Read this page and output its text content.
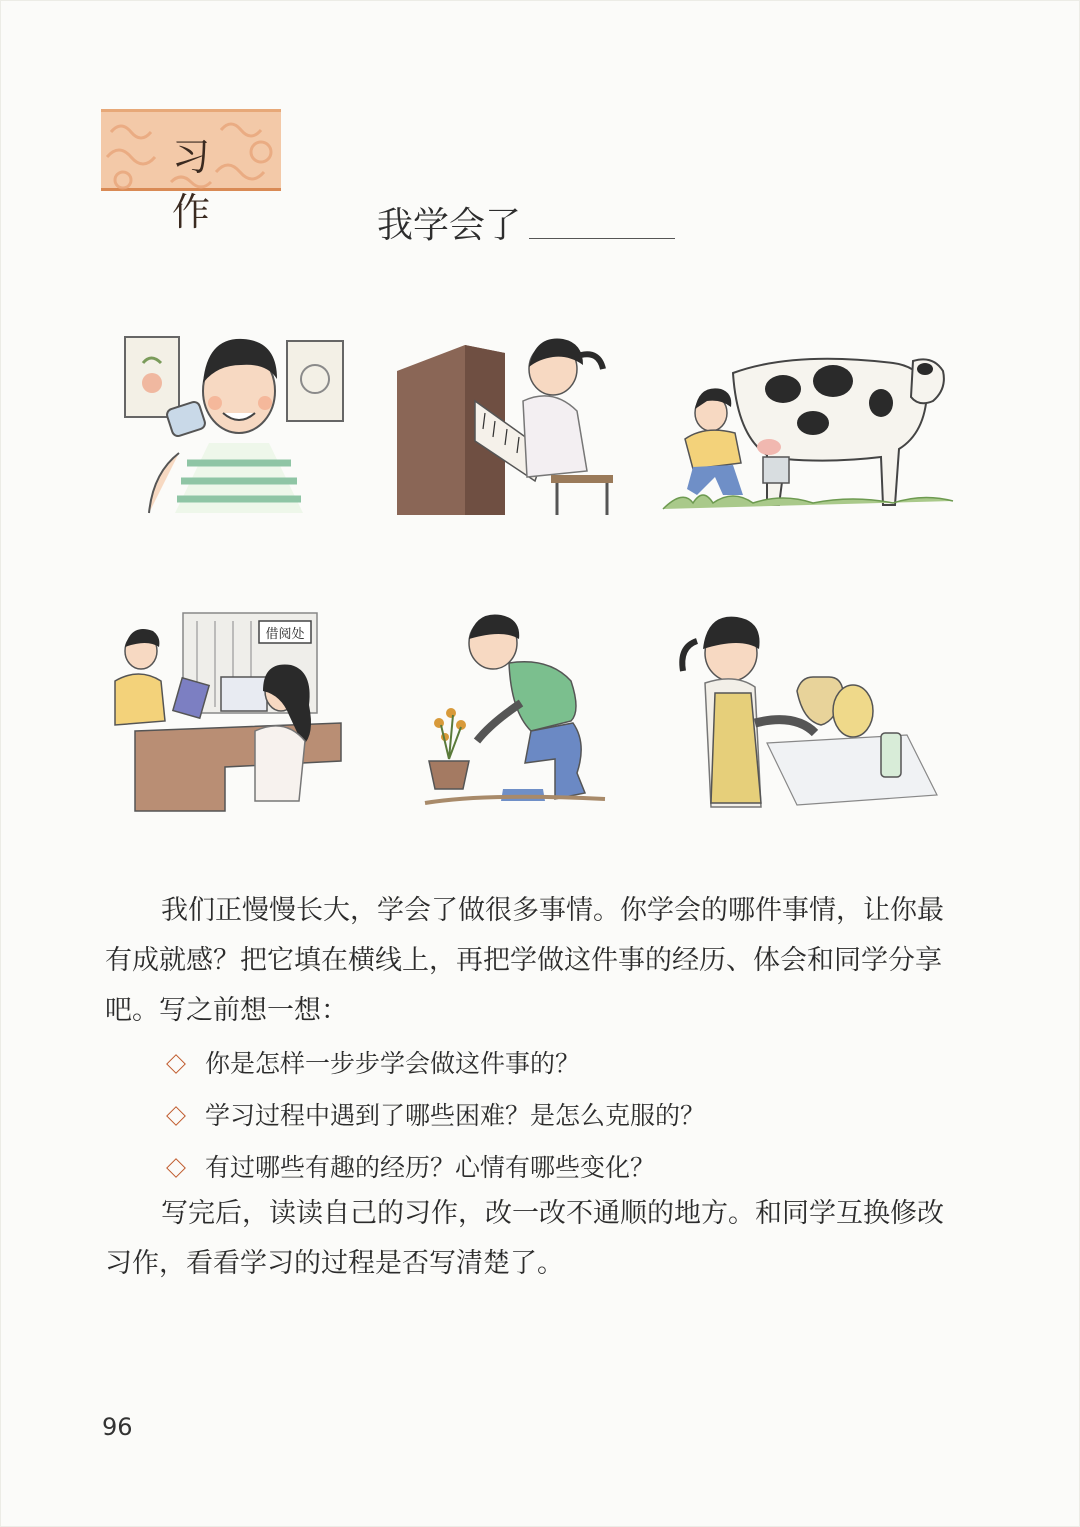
习 作	我学会了
借阅处
我们正慢慢长大，学会了做很多事情。你学会的哪件事情，让你最有成就感？把它填在横线上，再把学做这件事的经历、体会和同学分享吧。写之前想一想：
你是怎样一步步学会做这件事的？
学习过程中遇到了哪些困难？是怎么克服的？
有过哪些有趣的经历？心情有哪些变化？
写完后，读读自己的习作，改一改不通顺的地方。和同学互换修改习作，看看学习的过程是否写清楚了。
96
